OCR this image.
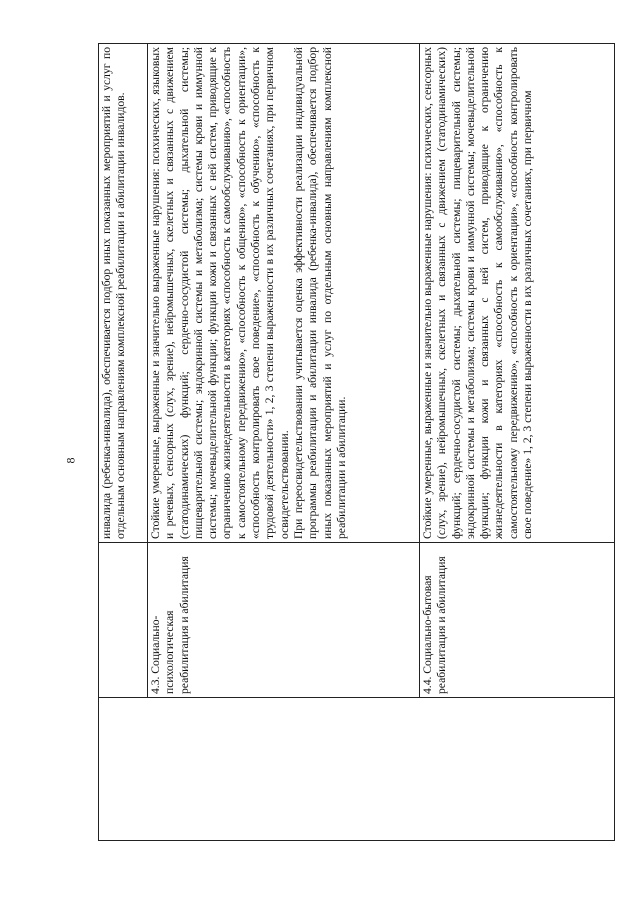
8

		инвалида (ребенка-инвалида), обеспечивается подбор иных показанных мероприятий и услуг по отдельным основным направлениям комплексной реабилитации и абилитации инвалидов.

	4.3. Социально- психологическая реабилитация и абилитация	Стойкие умеренные, выраженные и значительно выраженные нарушения: психических, языковых и речевых, сенсорных (слух, зрение), нейромышечных, скелетных и связанных с движением (статодинамических) функций; сердечно-сосудистой системы; дыхательной системы; пищеварительной системы; эндокринной системы и метаболизма; системы крови и иммунной системы; мочевыделительной функции; функции кожи и связанных с ней систем, приводящие к ограничению жизнедеятельности в категориях «способность к самообслуживанию», «способность к самостоятельному передвижению», «способность к общению», «способность к ориентации», «способность контролировать свое поведение», «способность к обучению», «способность к трудовой деятельности» 1, 2, 3 степени выраженности в их различных сочетаниях, при первичном освидетельствовании. При переосвидетельствовании учитывается оценка эффективности реализации индивидуальной программы реабилитации и абилитации инвалида (ребенка-инвалида), обеспечивается подбор иных показанных мероприятий и услуг по отдельным основным направлениям комплексной реабилитации и абилитации.

	4.4. Социально-бытовая реабилитация и абилитация	Стойкие умеренные, выраженные и значительно выраженные нарушения: психических, сенсорных (слух, зрение), нейромышечных, скелетных и связанных с движением (статодинамических) функций; сердечно-сосудистой системы; дыхательной системы; пищеварительной системы; эндокринной системы и метаболизма; системы крови и иммунной системы; мочевыделительной функции; функции кожи и связанных с ней систем, приводящие к ограничению жизнедеятельности в категориях «способность к самообслуживанию», «способность к самостоятельному передвижению», «способность к ориентации», «способность контролировать свое поведение» 1, 2, 3 степени выраженности в их различных сочетаниях, при первичном
